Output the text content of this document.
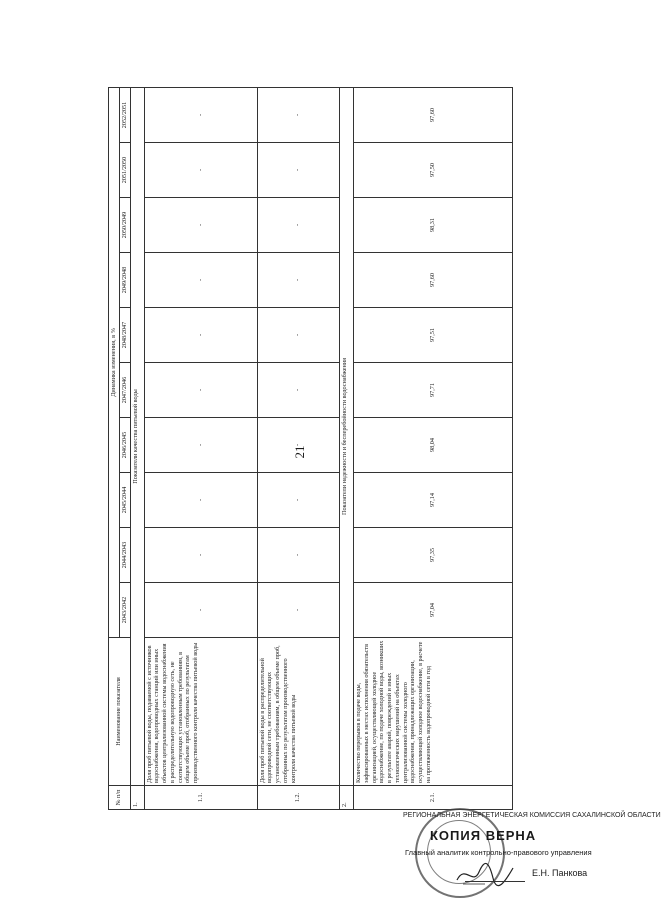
21
№ п/п	Наименование показателя	Динамика изменения, в %									
		2043/2042	2044/2043	2045/2044	2046/2045	2047/2046	2048/2047	2049/2048	2050/2049	2051/2050	2052/2051
1.	Показатели качества питьевой воды										
1.1.	Доля проб питьевой воды, подаваемой с источников водоснабжения, водопроводных станций или иных объектов централизованной системы водоснабжения в распределительную водопроводную сеть, не соответствующих установленным требованиям, в общем объеме проб, отобранных по результатам производственного контроля качества питьевой воды	-	-	-	-	-	-	-	-	-	-
1.2.	Доля проб питьевой воды в распределительной водопроводной сети, не соответствующих установленным требованиям, в общем объеме проб, отобранных по результатам производственного контроля качества питьевой воды	-	-	-	-	-	-	-	-	-	-
2.	Показатели надежности и бесперебойности водоснабжения										
2.1.	Количество перерывов в подаче воды, зафиксированных в местах исполнения обязательств организацией, осуществляющей холодное водоснабжение, по подаче холодной воды, возникших в результате аварий, повреждений и иных технологических нарушений на объектах централизованной системы холодного водоснабжения, принадлежащих организации, осуществляющей холодное водоснабжение, в расчете на протяженность водопроводной сети в год	97,04	97,35	97,14	98,04	97,71	97,51	97,60	98,31	97,50	97,60
РЕГИОНАЛЬНАЯ ЭНЕРГЕТИЧЕСКАЯ КОМИССИЯ САХАЛИНСКОЙ ОБЛАСТИ
КОПИЯ ВЕРНА
Главный аналитик контрольно-правового управления
Е.Н. Панкова
